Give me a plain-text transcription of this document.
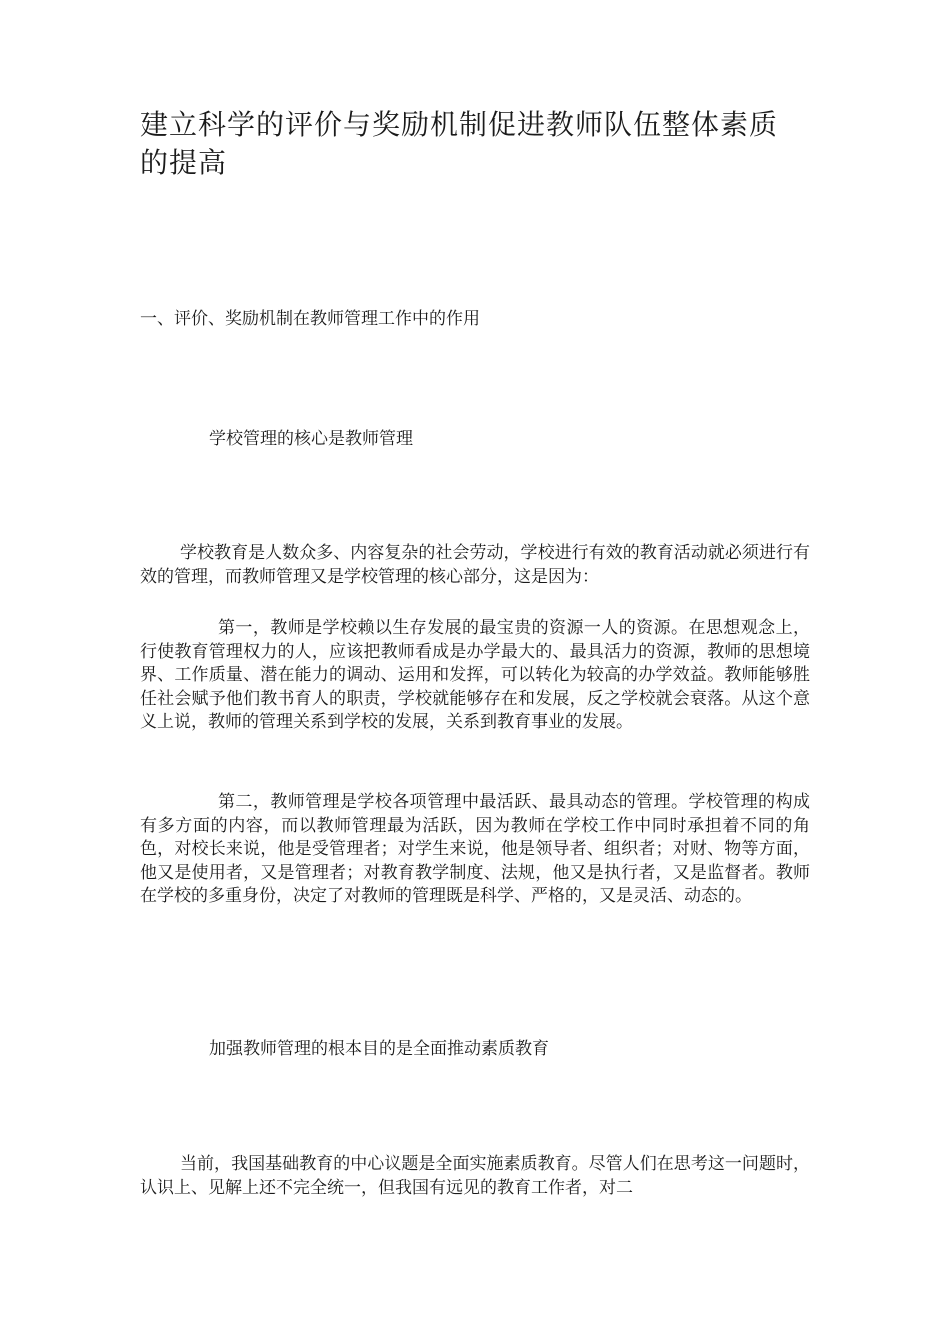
建立科学的评价与奖励机制促进教师队伍整体素质的提高
一、评价、奖励机制在教师管理工作中的作用
学校管理的核心是教师管理

学校教育是人数众多、内容复杂的社会劳动，学校进行有效的教育活动就必须进行有效的管理，而教师管理又是学校管理的核心部分，这是因为：

第一，教师是学校赖以生存发展的最宝贵的资源一人的资源。在思想观念上，行使教育管理权力的人，应该把教师看成是办学最大的、最具活力的资源，教师的思想境界、工作质量、潜在能力的调动、运用和发挥，可以转化为较高的办学效益。教师能够胜任社会赋予他们教书育人的职责，学校就能够存在和发展，反之学校就会衰落。从这个意义上说，教师的管理关系到学校的发展，关系到教育事业的发展。

第二，教师管理是学校各项管理中最活跃、最具动态的管理。学校管理的构成有多方面的内容，而以教师管理最为活跃，因为教师在学校工作中同时承担着不同的角色，对校长来说，他是受管理者；对学生来说，他是领导者、组织者；对财、物等方面，他又是使用者，又是管理者；对教育教学制度、法规，他又是执行者，又是监督者。教师在学校的多重身份，决定了对教师的管理既是科学、严格的，又是灵活、动态的。

加强教师管理的根本目的是全面推动素质教育

当前，我国基础教育的中心议题是全面实施素质教育。尽管人们在思考这一问题时，认识上、见解上还不完全统一，但我国有远见的教育工作者，对二
